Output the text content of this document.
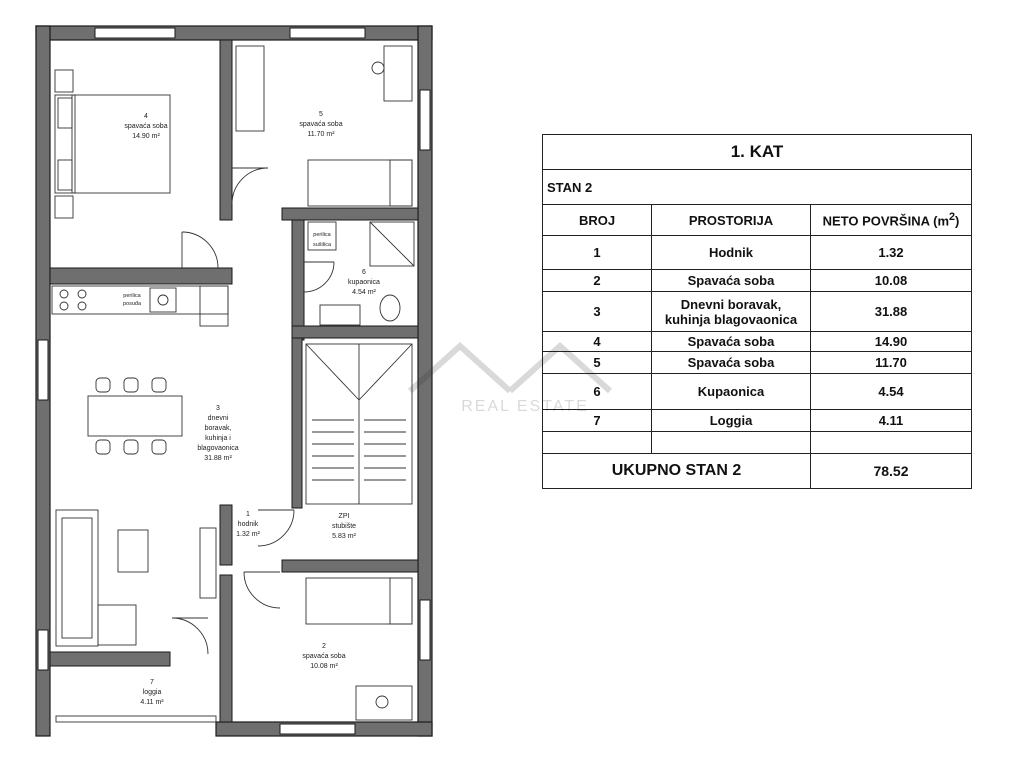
4
spavaća soba
14.90 m²
5
spavaća soba
11.70 m²
6
kupaonica
4.54 m²
3
dnevni
boravak,
kuhinja i
blagovaonica
31.88 m²
1
hodnik
1.32 m²
ZPI
stubište
5.83 m²
2
spavaća soba
10.08 m²
7
loggia
4.11 m²
perilica
sušilica
perilica
posuđa
REAL ESTATE
1. KAT		
STAN 2		
BROJ	PROSTORIJA	NETO POVRŠINA $(m^2)$
1	Hodnik	1.32
2	Spavaća soba	10.08
3	Dnevni boravak,
kuhinja blagovaonica	31.88
4	Spavaća soba	14.90
5	Spavaća soba	11.70
6	Kupaonica	4.54
7	Loggia	4.11

UKUPNO STAN 2		78.52
